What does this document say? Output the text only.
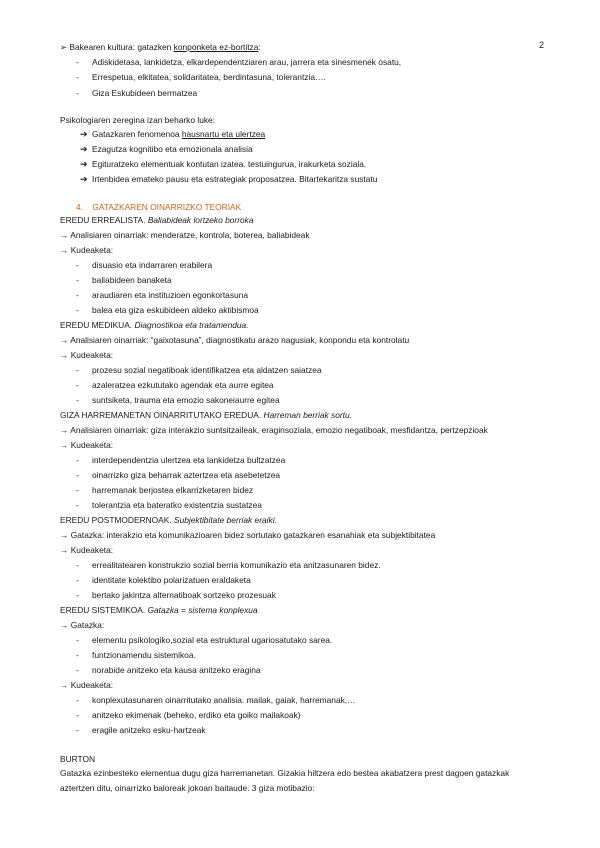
2
➢ Bakearen kultura: gatazken konponketa ez-bortitza:
- Adiskidetasa, lankidetza, elkardependentziaren arau, jarrera eta sinesmenek osatu,
- Errespetua, elkitatea, solidaritatea, berdintasuna, tolerantzia….
- Giza Eskubideen bermatzea
Psikologiaren zeregina izan beharko luke:
➔ Gatazkaren fenomenoa hausnartu eta ulertzea
➔ Ezagutza kognitibo eta emozionala analisia
➔ Egituratzeko elementuak kontutan izatea. testuingurua, irakurketa soziala.
➔ Irtenbidea emateko pausu eta estrategiak proposatzea. Bitartekaritza sustatu
4. GATAZKAREN OINARRIZKO TEORIAK
EREDU ERREALISTA. Baliabideak lortzeko borroka
→ Analisiaren oinarriak: menderatze, kontrola, boterea, baliabideak
→ Kudeaketa:
- disuasio eta indarraren erabilera
- baliabideen banaketa
- araudiaren eta instituzioen egonkortasuna
- balea eta giza eskubideen aldeko aktibismoa
EREDU MEDIKUA. Diagnostikoa eta tratamendua.
→ Analisiaren oinarriak: “gaixotasuna”, diagnostikatu arazo nagusiak, konpondu eta kontrolatu
→ Kudeaketa:
- prozesu sozial negatiboak identifikatzea eta aldatzen saiatzea
- azaleratzea ezkututako agendak eta aurre egitea
- suntsiketa, trauma eta emozio sakoneiaurre egitea
GIZA HARREMANETAN OINARRITUTAKO EREDUA. Harreman berriak sortu.
→ Analisiaren oinarriak: giza interakzio suntsitzaileak, eraginsoziala, emozio negatiboak, mesfidantza, pertzepzioak
→ Kudeaketa:
- interdependentzia ulertzea eta lankidetza bultzatzea
- oinarrizko giza beharrak aztertzea eta asebetetzea
- harremanak berjostea elkarrizketaren bidez
- tolerantzia eta bateratko existentzia sustatzea
EREDU POSTMODERNOAK. Subjektibitate berriak eraiki.
→ Gatazka: interakzio eta komunikazioaren bidez sortutako gatazkaren esanahiak eta subjektibitatea
→ Kudeaketa:
- errealitatearen konstrukzio sozial berria komunikazio eta anitzasunaren bidez.
- identitate kolektibo polarizatuen eraldaketa
- bertako jakintza alternatiboak sortzeko prozesuak
EREDU SISTEMIKOA. Gatazka = sistema konplexua
→ Gatazka:
- elementu psikologiko,sozial eta estruktural ugariosatutako sarea.
- funtzionamendu sistemikoa.
- norabide anitzeko eta kausa anitzeko eragina
→ Kudeaketa:
- konplexutasunaren oinarritutako analisia. mailak, gaiak, harremanak,…
- anitzeko ekimenak (beheko, erdiko eta goiko mailakoak)
- eragile anitzeko esku-hartzeak
BURTON
Gatazka ezinbesteko elementua dugu giza harremanetan. Gizakia hiltzera edo bestea akabatzera prest dagoen gatazkak
aztertzen ditu, oinarrizko baloreak jokoan baitaude. 3 giza motibazio:
